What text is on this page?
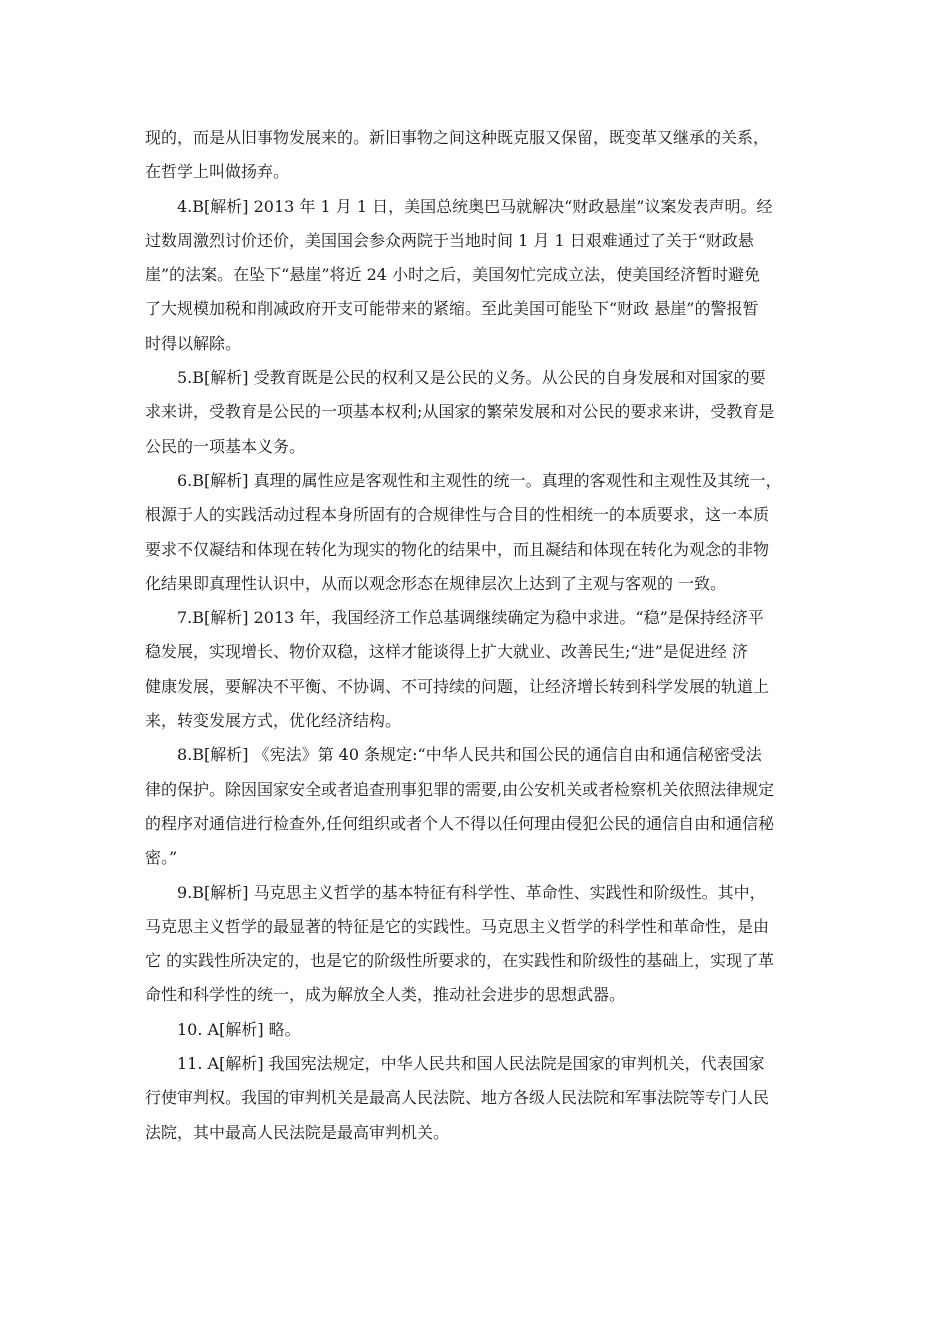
现的，而是从旧事物发展来的。新旧事物之间这种既克服又保留，既变革又继承的关系，
在哲学上叫做扬弃。
4.B[解析] 2013 年 1 月 1 日，美国总统奥巴马就解决“财政悬崖”议案发表声明。经
过数周激烈讨价还价，美国国会参众两院于当地时间 1 月 1 日艰难通过了关于“财政悬
崖”的法案。在坠下“悬崖”将近 24 小时之后，美国匆忙完成立法，使美国经济暂时避免
了大规模加税和削减政府开支可能带来的紧缩。至此美国可能坠下“财政 悬崖”的警报暂
时得以解除。
5.B[解析] 受教育既是公民的权利又是公民的义务。从公民的自身发展和对国家的要
求来讲，受教育是公民的一项基本权利;从国家的繁荣发展和对公民的要求来讲，受教育是
公民的一项基本义务。
6.B[解析] 真理的属性应是客观性和主观性的统一。真理的客观性和主观性及其统一，
根源于人的实践活动过程本身所固有的合规律性与合目的性相统一的本质要求，这一本质
要求不仅凝结和体现在转化为现实的物化的结果中，而且凝结和体现在转化为观念的非物
化结果即真理性认识中，从而以观念形态在规律层次上达到了主观与客观的 一致。
7.B[解析] 2013 年，我国经济工作总基调继续确定为稳中求进。“稳”是保持经济平
稳发展，实现增长、物价双稳，这样才能谈得上扩大就业、改善民生;“进”是促进经 济
健康发展，要解决不平衡、不协调、不可持续的问题，让经济增长转到科学发展的轨道上
来，转变发展方式，优化经济结构。
8.B[解析] 《宪法》第 40 条规定:“中华人民共和国公民的通信自由和通信秘密受法
律的保护。除因国家安全或者追查刑事犯罪的需要,由公安机关或者检察机关依照法律规定
的程序对通信进行检查外,任何组织或者个人不得以任何理由侵犯公民的通信自由和通信秘
密。”
9.B[解析] 马克思主义哲学的基本特征有科学性、革命性、实践性和阶级性。其中，
马克思主义哲学的最显著的特征是它的实践性。马克思主义哲学的科学性和革命性，是由
它 的实践性所决定的，也是它的阶级性所要求的，在实践性和阶级性的基础上，实现了革
命性和科学性的统一，成为解放全人类，推动社会进步的思想武器。
10. A[解析] 略。
11. A[解析] 我国宪法规定，中华人民共和国人民法院是国家的审判机关，代表国家
行使审判权。我国的审判机关是最高人民法院、地方各级人民法院和军事法院等专门人民
法院，其中最高人民法院是最高审判机关。
